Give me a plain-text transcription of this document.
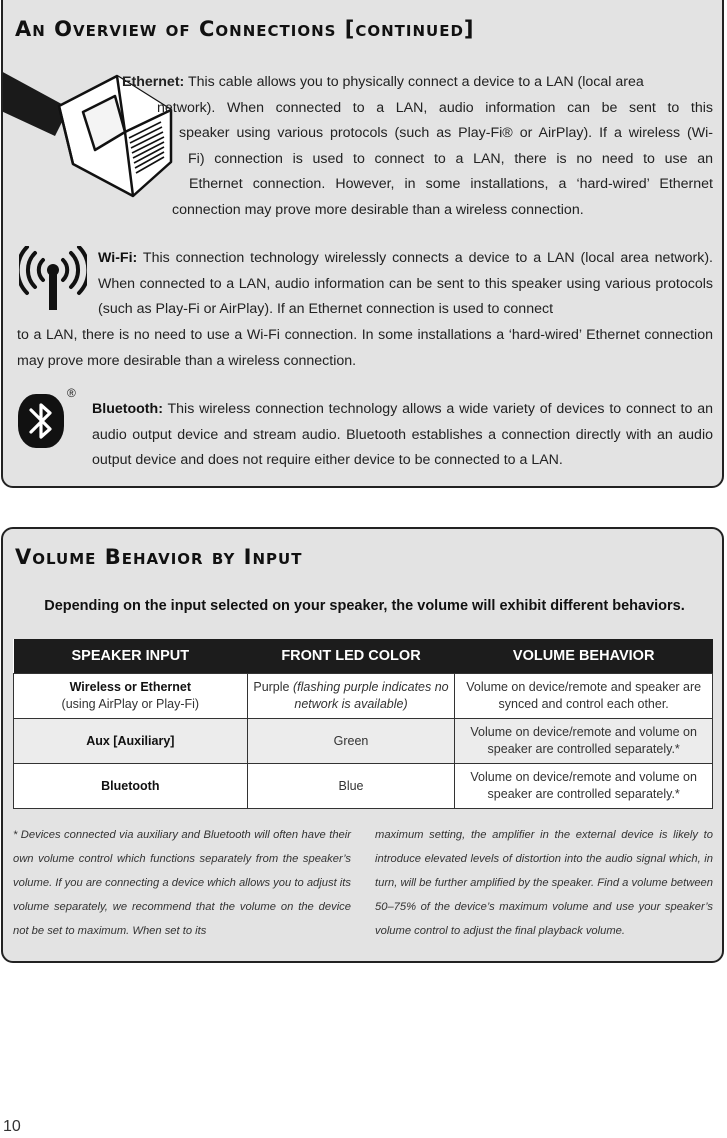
An Overview of Connections [continued]

Ethernet: This cable allows you to physically connect a device to a LAN (local area

network). When connected to a LAN, audio information can be sent to this

speaker using various protocols (such as Play-Fi® or AirPlay). If a wireless (Wi-

Fi) connection is used to connect to a LAN, there is no need to use an

Ethernet connection. However, in some installations, a ‘hard-wired’ Ethernet

connection may prove more desirable than a wireless connection.

Wi-Fi: This connection technology wirelessly connects a device to a LAN (local area network). When connected to a LAN, audio information can be sent to this speaker using various protocols (such as Play-Fi or AirPlay). If an Ethernet connection is used to connect

to a LAN, there is no need to use a Wi-Fi connection. In some installations a ‘hard-wired’ Ethernet connection may prove more desirable than a wireless connection.

®

Bluetooth: This wireless connection technology allows a wide variety of devices to connect to an audio output device and stream audio. Bluetooth establishes a connection directly with an audio output device and does not require either device to be connected to a LAN.

Volume Behavior by Input

Depending on the input selected on your speaker, the volume will exhibit different behaviors.

SPEAKER INPUT	FRONT LED COLOR	VOLUME BEHAVIOR
Wireless or Ethernet
(using AirPlay or Play-Fi)	Purple (flashing purple indicates no network is available)	Volume on device/remote and speaker are synced and control each other.
Aux [Auxiliary]	Green	Volume on device/remote and volume on speaker are controlled separately.*
Bluetooth	Blue	Volume on device/remote and volume on speaker are controlled separately.*

* Devices connected via auxiliary and Bluetooth will often have their own volume control which functions separately from the speaker’s volume. If you are connecting a device which allows you to adjust its volume separately, we recommend that the volume on the device not be set to maximum. When set to its

maximum setting, the amplifier in the external device is likely to introduce elevated levels of distortion into the audio signal which, in turn, will be further amplified by the speaker. Find a volume between 50–75% of the device’s maximum volume and use your speaker’s volume control to adjust the final playback volume.

10
